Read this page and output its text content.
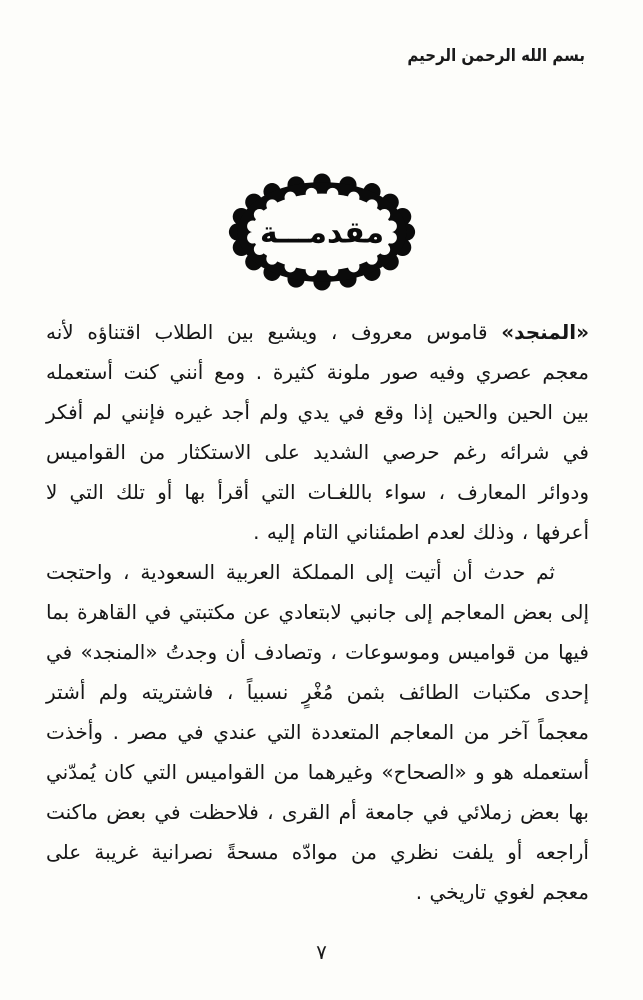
بسم الله الرحمن الرحيم
مقدمـــة

«المنجد» قاموس معروف ، ويشيع بين الطلاب اقتناؤه لأنه معجم عصري وفيه صور ملونة كثيرة . ومع أنني كنت أستعمله بين الحين والحين إذا وقع في يدي ولم أجد غيره فإنني لم أفكر في شرائه رغم حرصي الشديد على الاستكثار من القواميس ودوائر المعارف ، سواء باللغـات التي أقرأ بها أو تلك التي لا أعرفها ، وذلك لعدم اطمئناني التام إليه .

ثم حدث أن أتيت إلى المملكة العربية السعودية ، واحتجت إلى بعض المعاجم إلى جانبي لابتعادي عن مكتبتي في القاهرة بما فيها من قواميس وموسوعات ، وتصادف أن وجدتُ «المنجد» في إحدى مكتبات الطائف بثمن مُغْرٍ نسبياً ، فاشتريته ولم أشتر معجماً آخر من المعاجم المتعددة التي عندي في مصر . وأخذت أستعمله هو و «الصحاح» وغيرهما من القواميس التي كان يُمدّني بها بعض زملائي في جامعة أم القرى ، فلاحظت في بعض ماكنت أراجعه أو يلفت نظري من موادّه مسحةً نصرانية غريبة على معجم لغوي تاريخي .

٧
